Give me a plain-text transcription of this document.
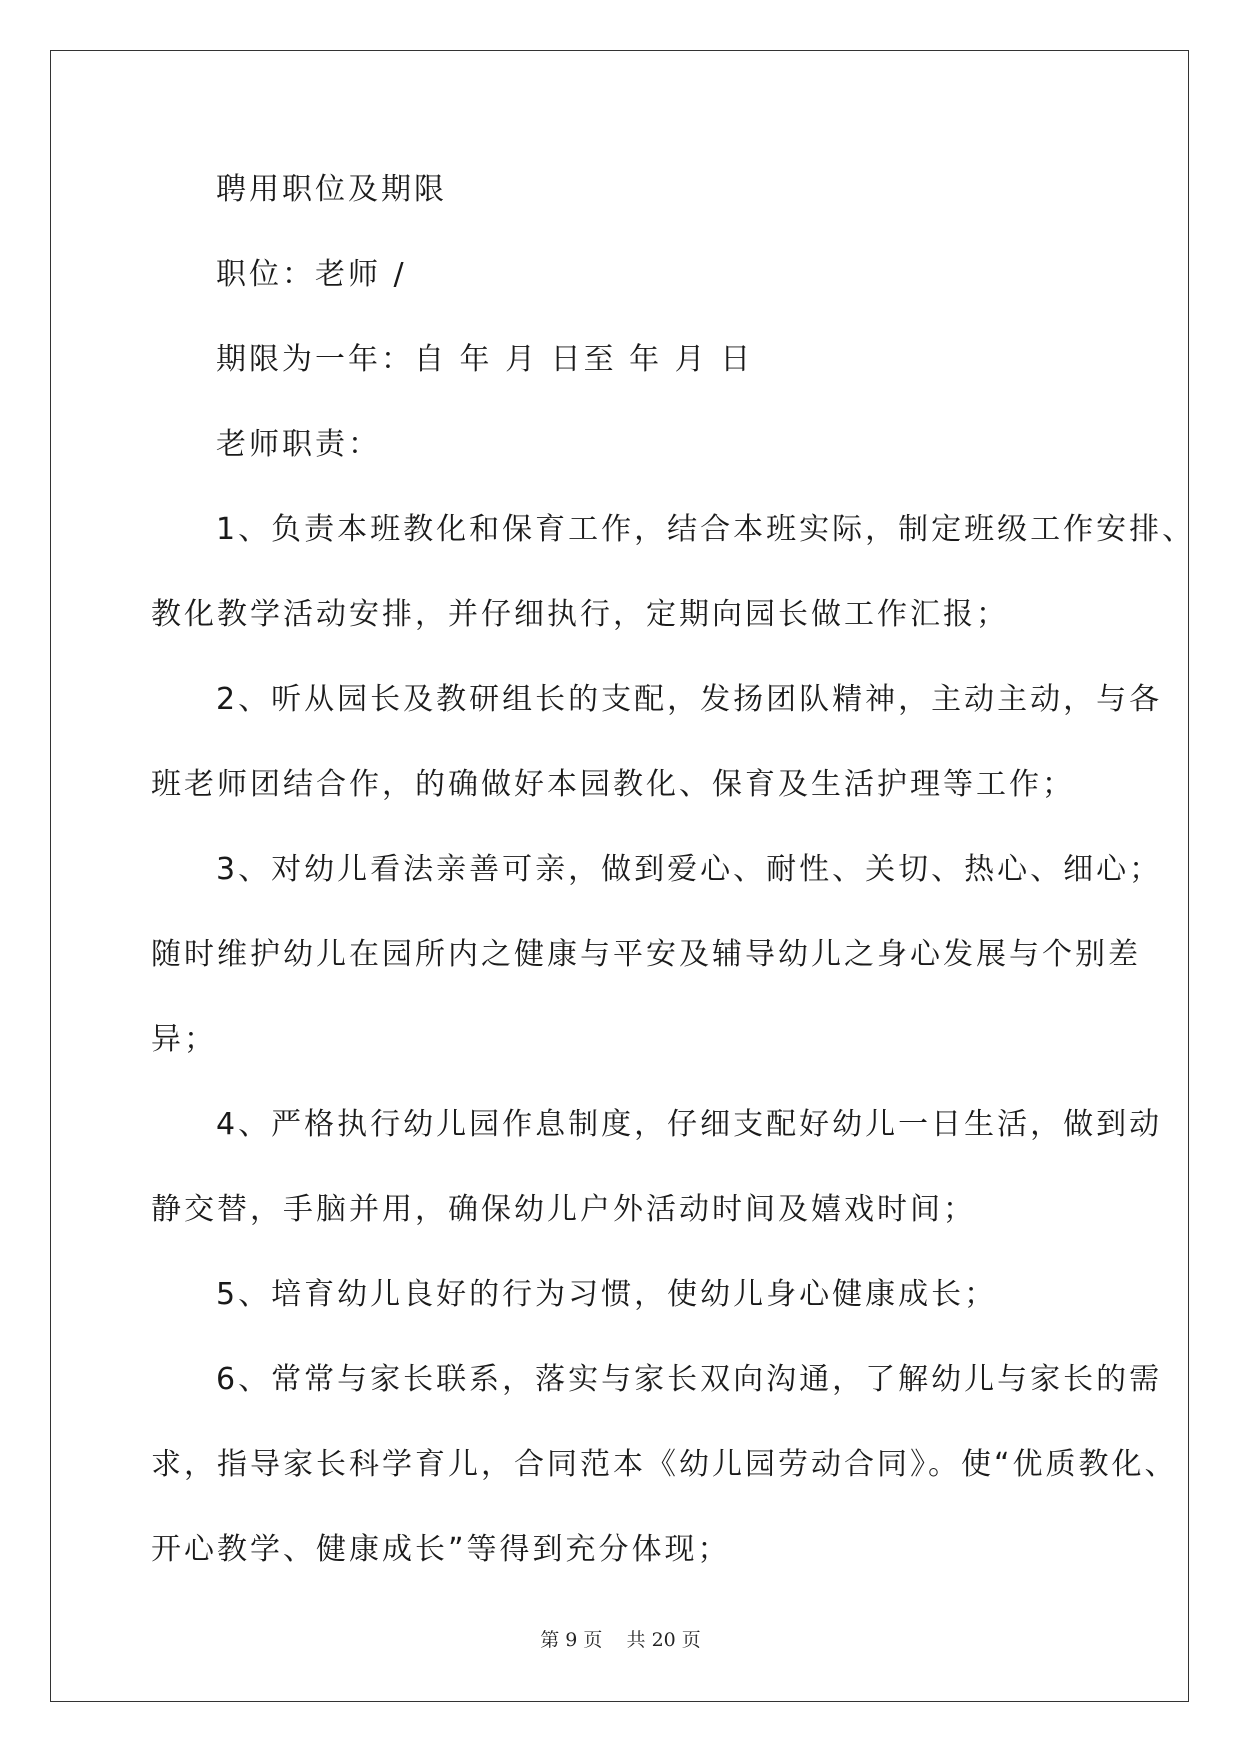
聘用职位及期限
职位：老师 /
期限为一年：自 年 月 日至 年 月 日
老师职责：
1、负责本班教化和保育工作，结合本班实际，制定班级工作安排、
教化教学活动安排，并仔细执行，定期向园长做工作汇报；
2、听从园长及教研组长的支配，发扬团队精神，主动主动，与各
班老师团结合作，的确做好本园教化、保育及生活护理等工作；
3、对幼儿看法亲善可亲，做到爱心、耐性、关切、热心、细心；
随时维护幼儿在园所内之健康与平安及辅导幼儿之身心发展与个别差
异；
4、严格执行幼儿园作息制度，仔细支配好幼儿一日生活，做到动
静交替，手脑并用，确保幼儿户外活动时间及嬉戏时间；
5、培育幼儿良好的行为习惯，使幼儿身心健康成长；
6、常常与家长联系，落实与家长双向沟通，了解幼儿与家长的需
求，指导家长科学育儿，合同范本《幼儿园劳动合同》。使“优质教化、
开心教学、健康成长”等得到充分体现；
第 9 页    共 20 页
